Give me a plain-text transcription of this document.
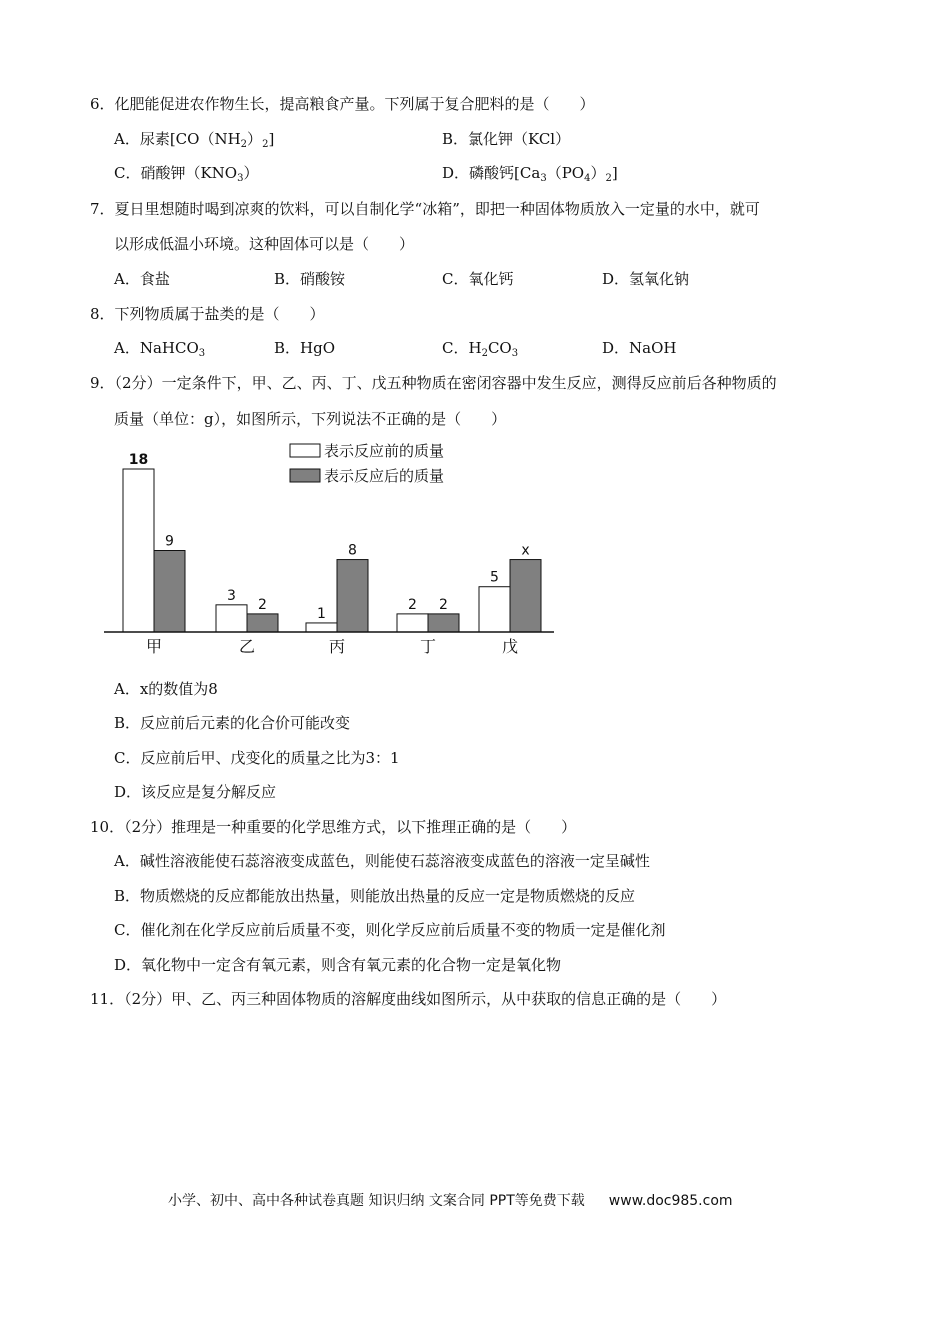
6．化肥能促进农作物生长，提高粮食产量。下列属于复合肥料的是（　　）
A．尿素$[CO(NH_2)_2]$	B．氯化钾（KCl）
C．硝酸钾$(KNO_3)$	D．磷酸钙$[Ca_3(PO_4)_2]$
7．夏日里想随时喝到凉爽的饮料，可以自制化学“冰箱”，即把一种固体物质放入一定量的水中，就可
以形成低温小环境。这种固体可以是（　　）
A．食盐	B．硝酸铵	C．氧化钙	D．氢氧化钠
8．下列物质属于盐类的是（　　）
A．NaHCO$_3$	B．HgO	C．$H_2CO_3$	D．NaOH
9．（2分）一定条件下，甲、乙、丙、丁、戊五种物质在密闭容器中发生反应，测得反应前后各种物质的
质量（单位：g），如图所示，下列说法不正确的是（　　）
表示反应前的质量
表示反应后的质量
18
9
3
2
1
8
2 2
5
x
甲	乙	丙	丁	戊
A．x的数值为8
B．反应前后元素的化合价可能改变
C．反应前后甲、戊变化的质量之比为3：1
D．该反应是复分解反应
10．（2分）推理是一种重要的化学思维方式，以下推理正确的是（　　）
A．碱性溶液能使石蕊溶液变成蓝色，则能使石蕊溶液变成蓝色的溶液一定呈碱性
B．物质燃烧的反应都能放出热量，则能放出热量的反应一定是物质燃烧的反应
C．催化剂在化学反应前后质量不变，则化学反应前后质量不变的物质一定是催化剂
D．氧化物中一定含有氧元素，则含有氧元素的化合物一定是氧化物
11．（2分）甲、乙、丙三种固体物质的溶解度曲线如图所示，从中获取的信息正确的是（　　）
小学、初中、高中各种试卷真题 知识归纳 文案合同 PPT等免费下载 www.doc985.com
